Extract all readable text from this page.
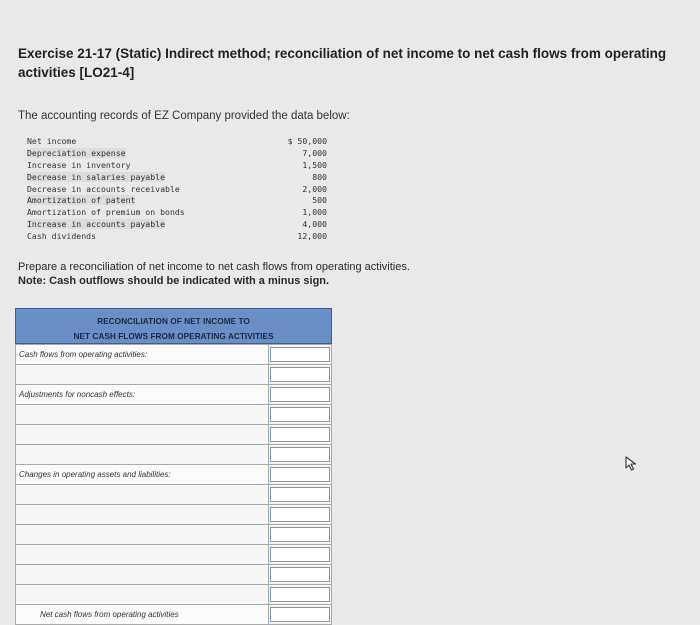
Exercise 21-17 (Static) Indirect method; reconciliation of net income to net cash flows from operating activities [LO21-4]
The accounting records of EZ Company provided the data below:
Net income	$ 50,000
Depreciation expense	7,000
Increase in inventory	1,500
Decrease in salaries payable	800
Decrease in accounts receivable	2,000
Amortization of patent	500
Amortization of premium on bonds	1,000
Increase in accounts payable	4,000
Cash dividends	12,000
Prepare a reconciliation of net income to net cash flows from operating activities.
Note: Cash outflows should be indicated with a minus sign.
RECONCILIATION OF NET INCOME TO
NET CASH FLOWS FROM OPERATING ACTIVITIES
Cash flows from operating activities:	

Adjustments for noncash effects:	

Changes in operating assets and liabilities:	

Net cash flows from operating activities	
